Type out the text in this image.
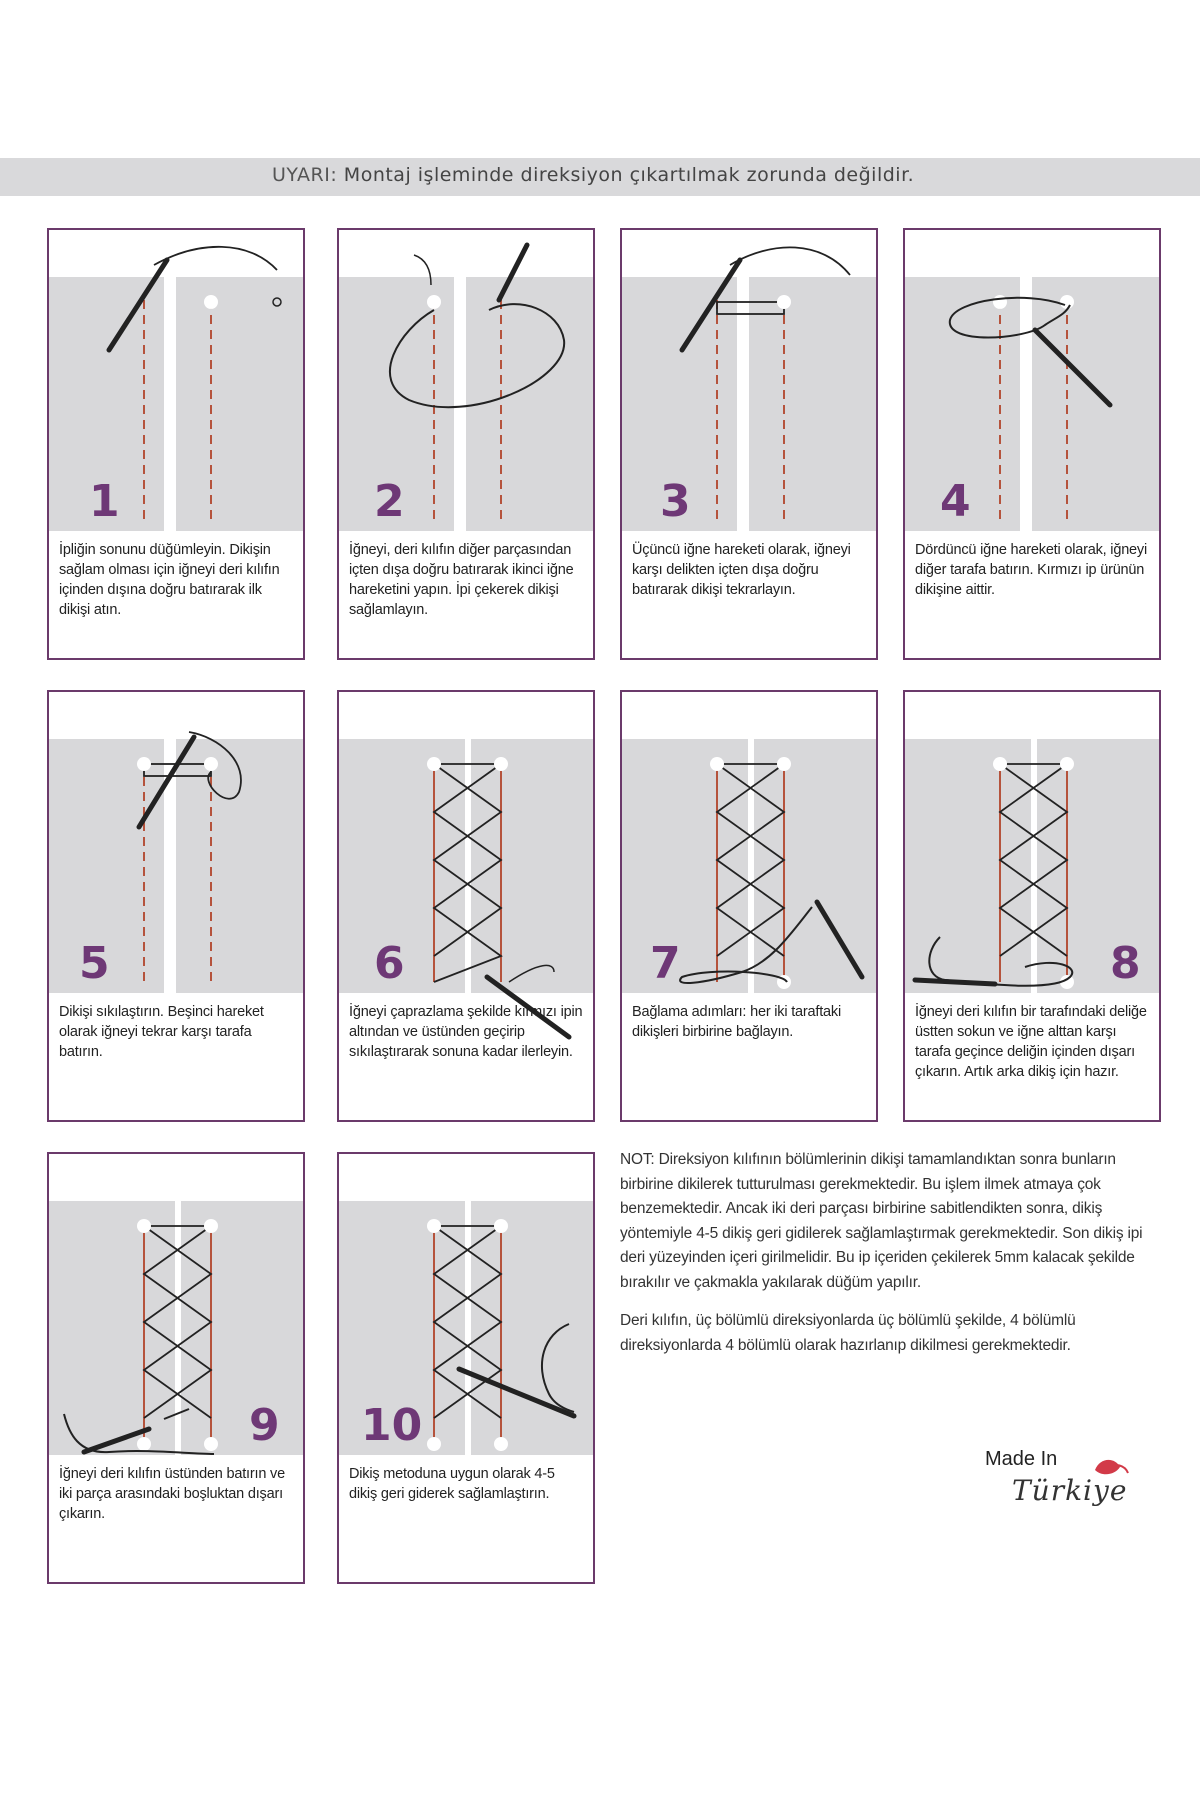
UYARI: Montaj işleminde direksiyon çıkartılmak zorunda değildir.
1
İpliğin sonunu düğümleyin. Dikişin sağlam olması için iğneyi deri kılıfın içinden dışına doğru batırarak ilk dikişi atın.
2
İğneyi, deri kılıfın diğer parçasından içten dışa doğru batırarak ikinci iğne hareketini yapın. İpi çekerek dikişi sağlamlayın.
3
Üçüncü iğne hareketi olarak, iğneyi karşı delikten içten dışa doğru batırarak dikişi tekrarlayın.
4
Dördüncü iğne hareketi olarak, iğneyi diğer tarafa batırın. Kırmızı ip ürünün dikişine aittir.
5
Dikişi sıkılaştırın. Beşinci hareket olarak iğneyi tekrar karşı tarafa batırın.
6
İğneyi çaprazlama şekilde kırmızı ipin altından ve üstünden geçirip sıkılaştırarak sonuna kadar ilerleyin.
7
Bağlama adımları: her iki taraftaki dikişleri birbirine bağlayın.
8
İğneyi deri kılıfın bir tarafındaki deliğe üstten sokun ve iğne alttan karşı tarafa geçince deliğin içinden dışarı çıkarın. Artık arka dikiş için hazır.
9
İğneyi deri kılıfın üstünden batırın ve iki parça arasındaki boşluktan dışarı çıkarın.
10
Dikiş metoduna uygun olarak 4-5 dikiş geri giderek sağlamlaştırın.

NOT: Direksiyon kılıfının bölümlerinin dikişi tamamlandıktan sonra bunların birbirine dikilerek tutturulması gerekmektedir. Bu işlem ilmek atmaya çok benzemektedir. Ancak iki deri parçası birbirine sabitlendikten sonra, dikiş yöntemiyle 4-5 dikiş geri gidilerek sağlamlaştırmak gerekmektedir. Son dikiş ipi deri yüzeyinden içeri girilmelidir. Bu ip içeriden çekilerek 5mm kalacak şekilde bırakılır ve çakmakla yakılarak düğüm yapılır.

Deri kılıfın, üç bölümlü direksiyonlarda üç bölümlü şekilde, 4 bölümlü direksiyonlarda 4 bölümlü olarak hazırlanıp dikilmesi gerekmektedir.

Made In
Türkiye
